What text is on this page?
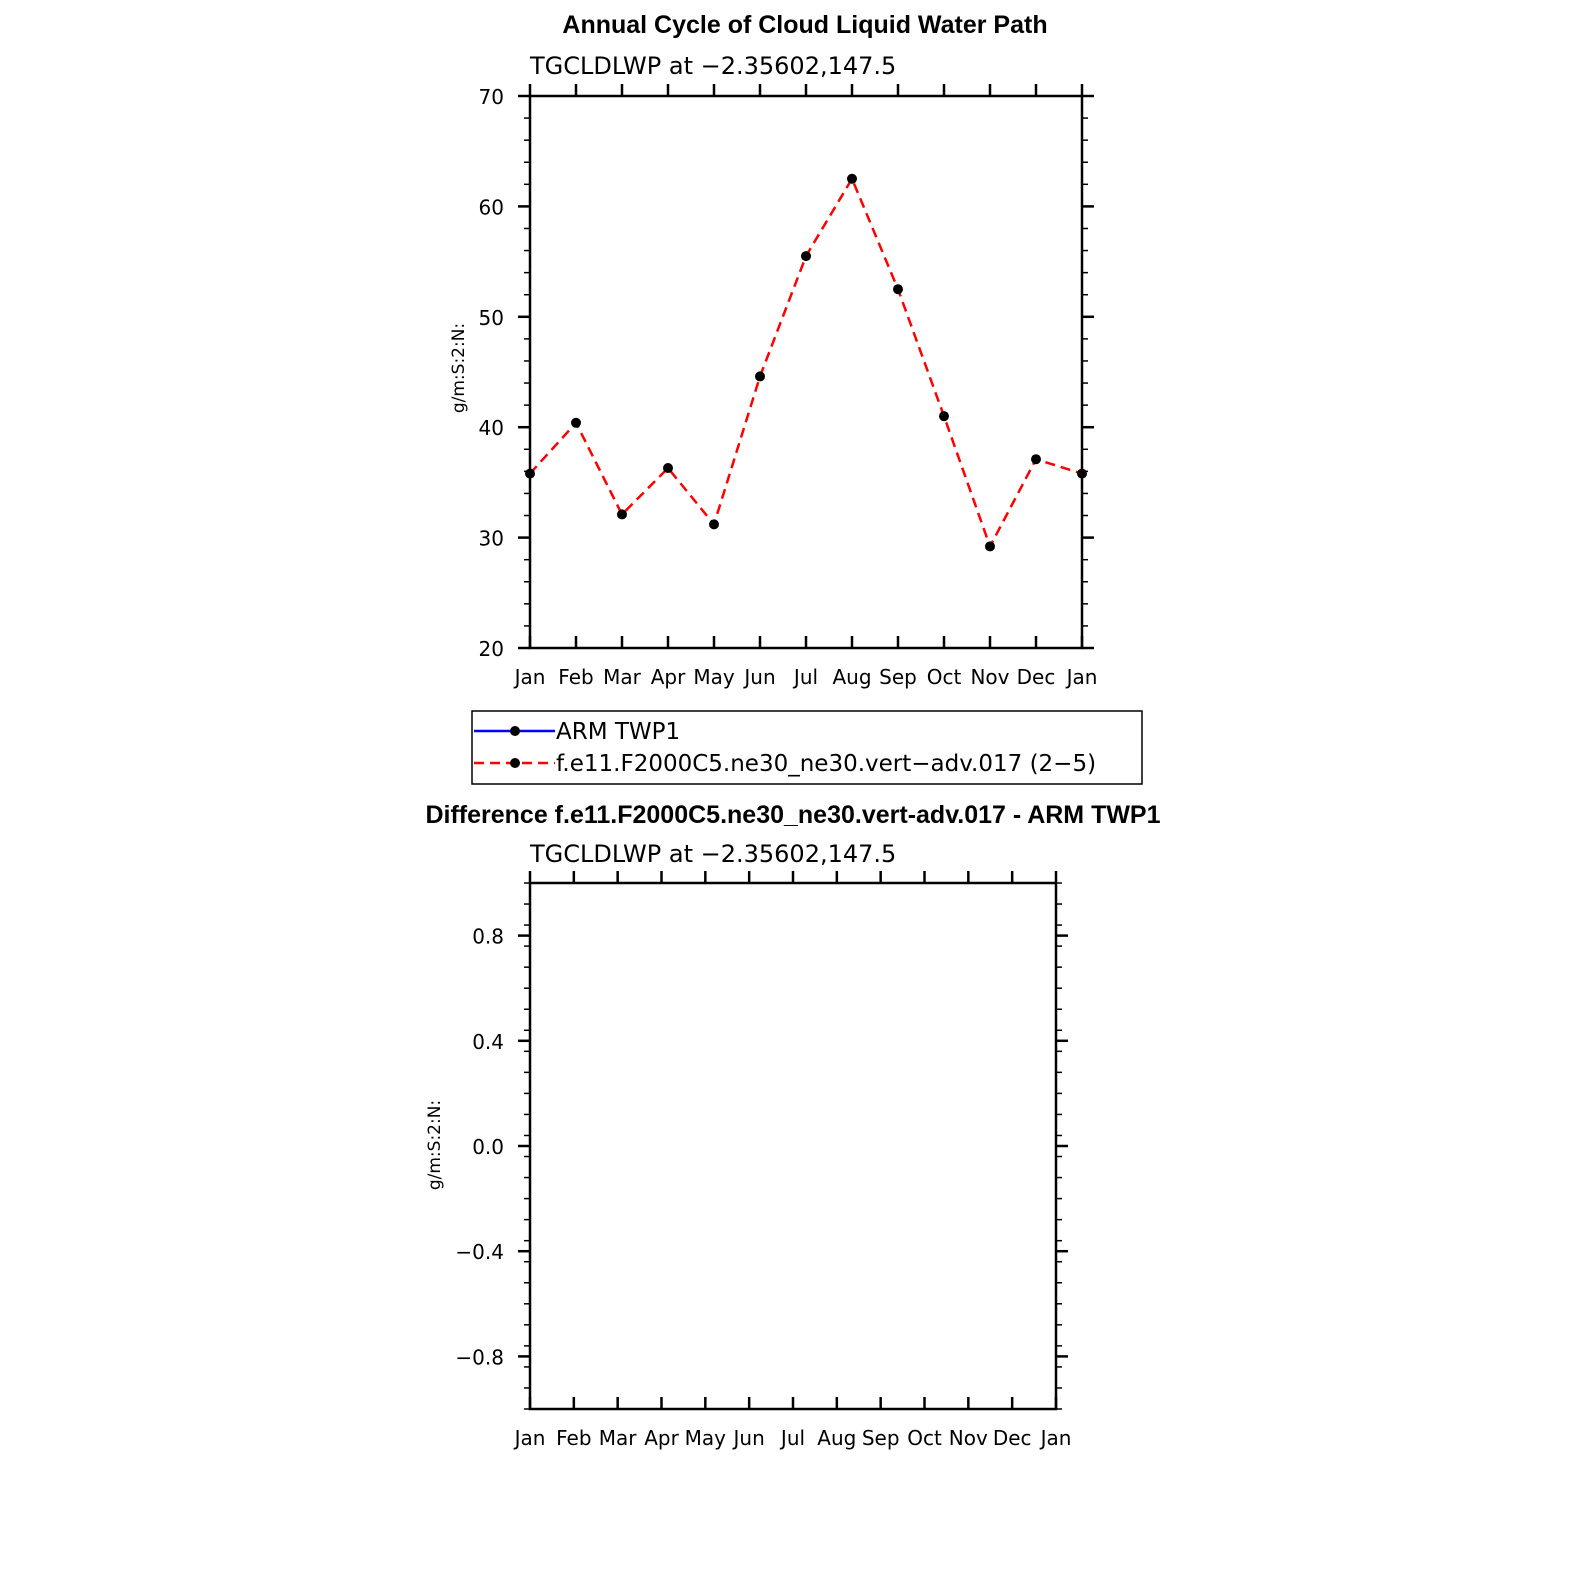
Annual Cycle of Cloud Liquid Water Path
TGCLDLWP at −2.35602,147.5
g/m:S:2:N:
20
30
40
50
60
70
Jan Feb Mar Apr May Jun Jul Aug Sep Oct Nov Dec Jan
ARM TWP1
f.e11.F2000C5.ne30_ne30.vert−adv.017 (2−5)
Difference f.e11.F2000C5.ne30_ne30.vert-adv.017 - ARM TWP1
TGCLDLWP at −2.35602,147.5
g/m:S:2:N:
−0.8
−0.4
0.0
0.4
0.8
Jan Feb Mar Apr May Jun Jul Aug Sep Oct Nov Dec Jan
